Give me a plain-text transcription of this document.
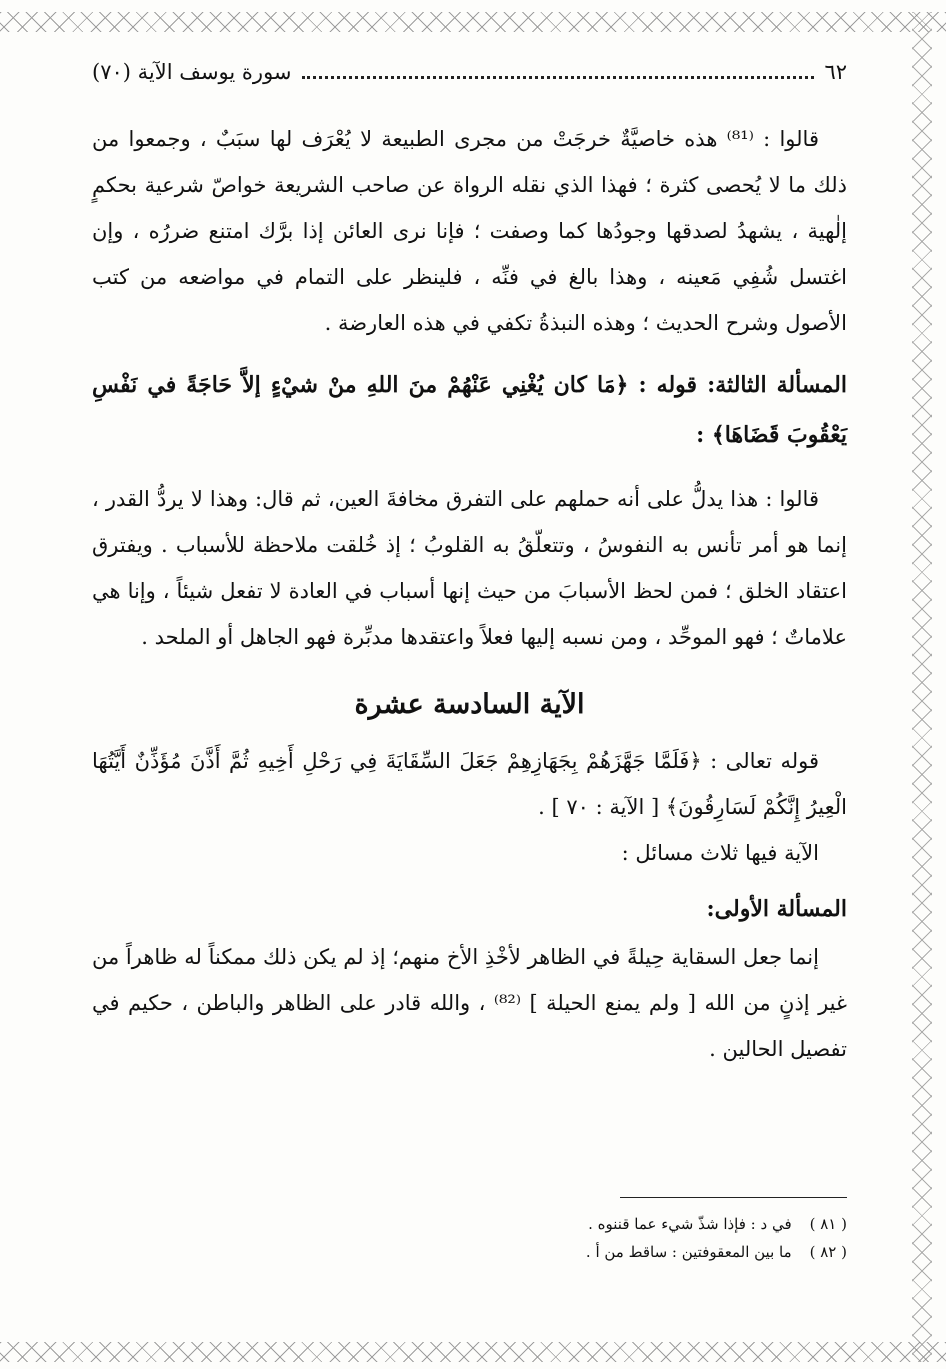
٦٢
سورة يوسف الآية (٧٠)

قالوا : ⁽⁸¹⁾ هذه خاصيَّةٌ خرجَتْ من مجرى الطبيعة لا يُعْرَف لها سبَبٌ ، وجمعوا من ذلك ما لا يُحصى كثرة ؛ فهذا الذي نقله الرواة عن صاحب الشريعة خواصّ شرعية بحكمٍ إلٰهية ، يشهدُ لصدقها وجودُها كما وصفت ؛ فإنا نرى العائن إذا برَّك امتنع ضررُه ، وإن اغتسل شُفِي مَعينه ، وهذا بالغ في فنِّه ، فلينظر على التمام في مواضعه من كتب الأصول وشرح الحديث ؛ وهذه النبذةُ تكفي في هذه العارضة .

المسألة الثالثة: قوله : ﴿مَا كان يُغْنِي عَنْهُمْ منَ اللهِ منْ شيْءٍ إلاَّ حَاجَةً في نَفْسِ يَعْقُوبَ قَضَاهَا﴾ :

قالوا : هذا يدلُّ على أنه حملهم على التفرق مخافةَ العين، ثم قال: وهذا لا يردُّ القدر ، إنما هو أمر تأنس به النفوسُ ، وتتعلّقُ به القلوبُ ؛ إذ خُلقت ملاحظة للأسباب . ويفترق اعتقاد الخلق ؛ فمن لحظ الأسبابَ من حيث إنها أسباب في العادة لا تفعل شيئاً ، وإنا هي علاماتٌ ؛ فهو الموحِّد ، ومن نسبه إليها فعلاً واعتقدها مدبِّرة فهو الجاهل أو الملحد .

الآية السادسة عشرة

قوله تعالى : ﴿فَلَمَّا جَهَّزَهُمْ بِجَهَازِهِمْ جَعَلَ السِّقَايَةَ فِي رَحْلِ أَخِيهِ ثُمَّ أَذَّنَ مُؤَذِّنٌ أَيَّتُهَا الْعِيرُ إِنَّكُمْ لَسَارِقُونَ﴾ [ الآية : ٧٠ ] .

الآية فيها ثلاث مسائل :

المسألة الأولى:

إنما جعل السقاية حِيلةً في الظاهر لأخْذِ الأخ منهم؛ إذ لم يكن ذلك ممكناً له ظاهراً من غير إذنٍ من الله [ ولم يمنع الحيلة ] ⁽⁸²⁾ ، والله قادر على الظاهر والباطن ، حكيم في تفصيل الحالين .

( ٨١ )
في د : فإذا شذّ شيء عما قننوه .
( ٨٢ )
ما بين المعقوفتين : ساقط من أ .
